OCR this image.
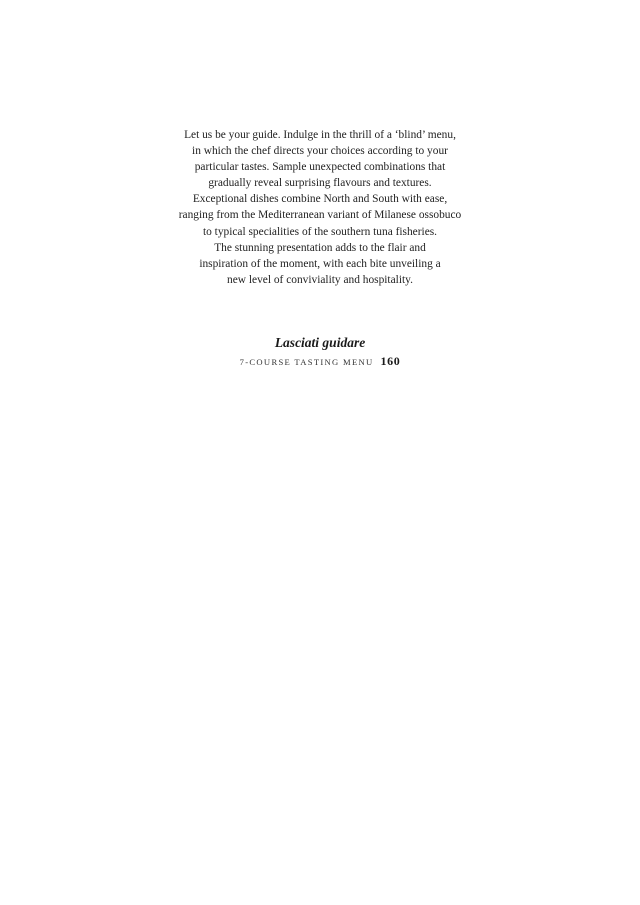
Let us be your guide. Indulge in the thrill of a ‘blind’ menu,
in which the chef directs your choices according to your
particular tastes. Sample unexpected combinations that
gradually reveal surprising flavours and textures.
Exceptional dishes combine North and South with ease,
ranging from the Mediterranean variant of Milanese ossobuco
to typical specialities of the southern tuna fisheries.
The stunning presentation adds to the flair and
inspiration of the moment, with each bite unveiling a
new level of conviviality and hospitality.
Lasciati guidare
7-COURSE TASTING MENU 160
